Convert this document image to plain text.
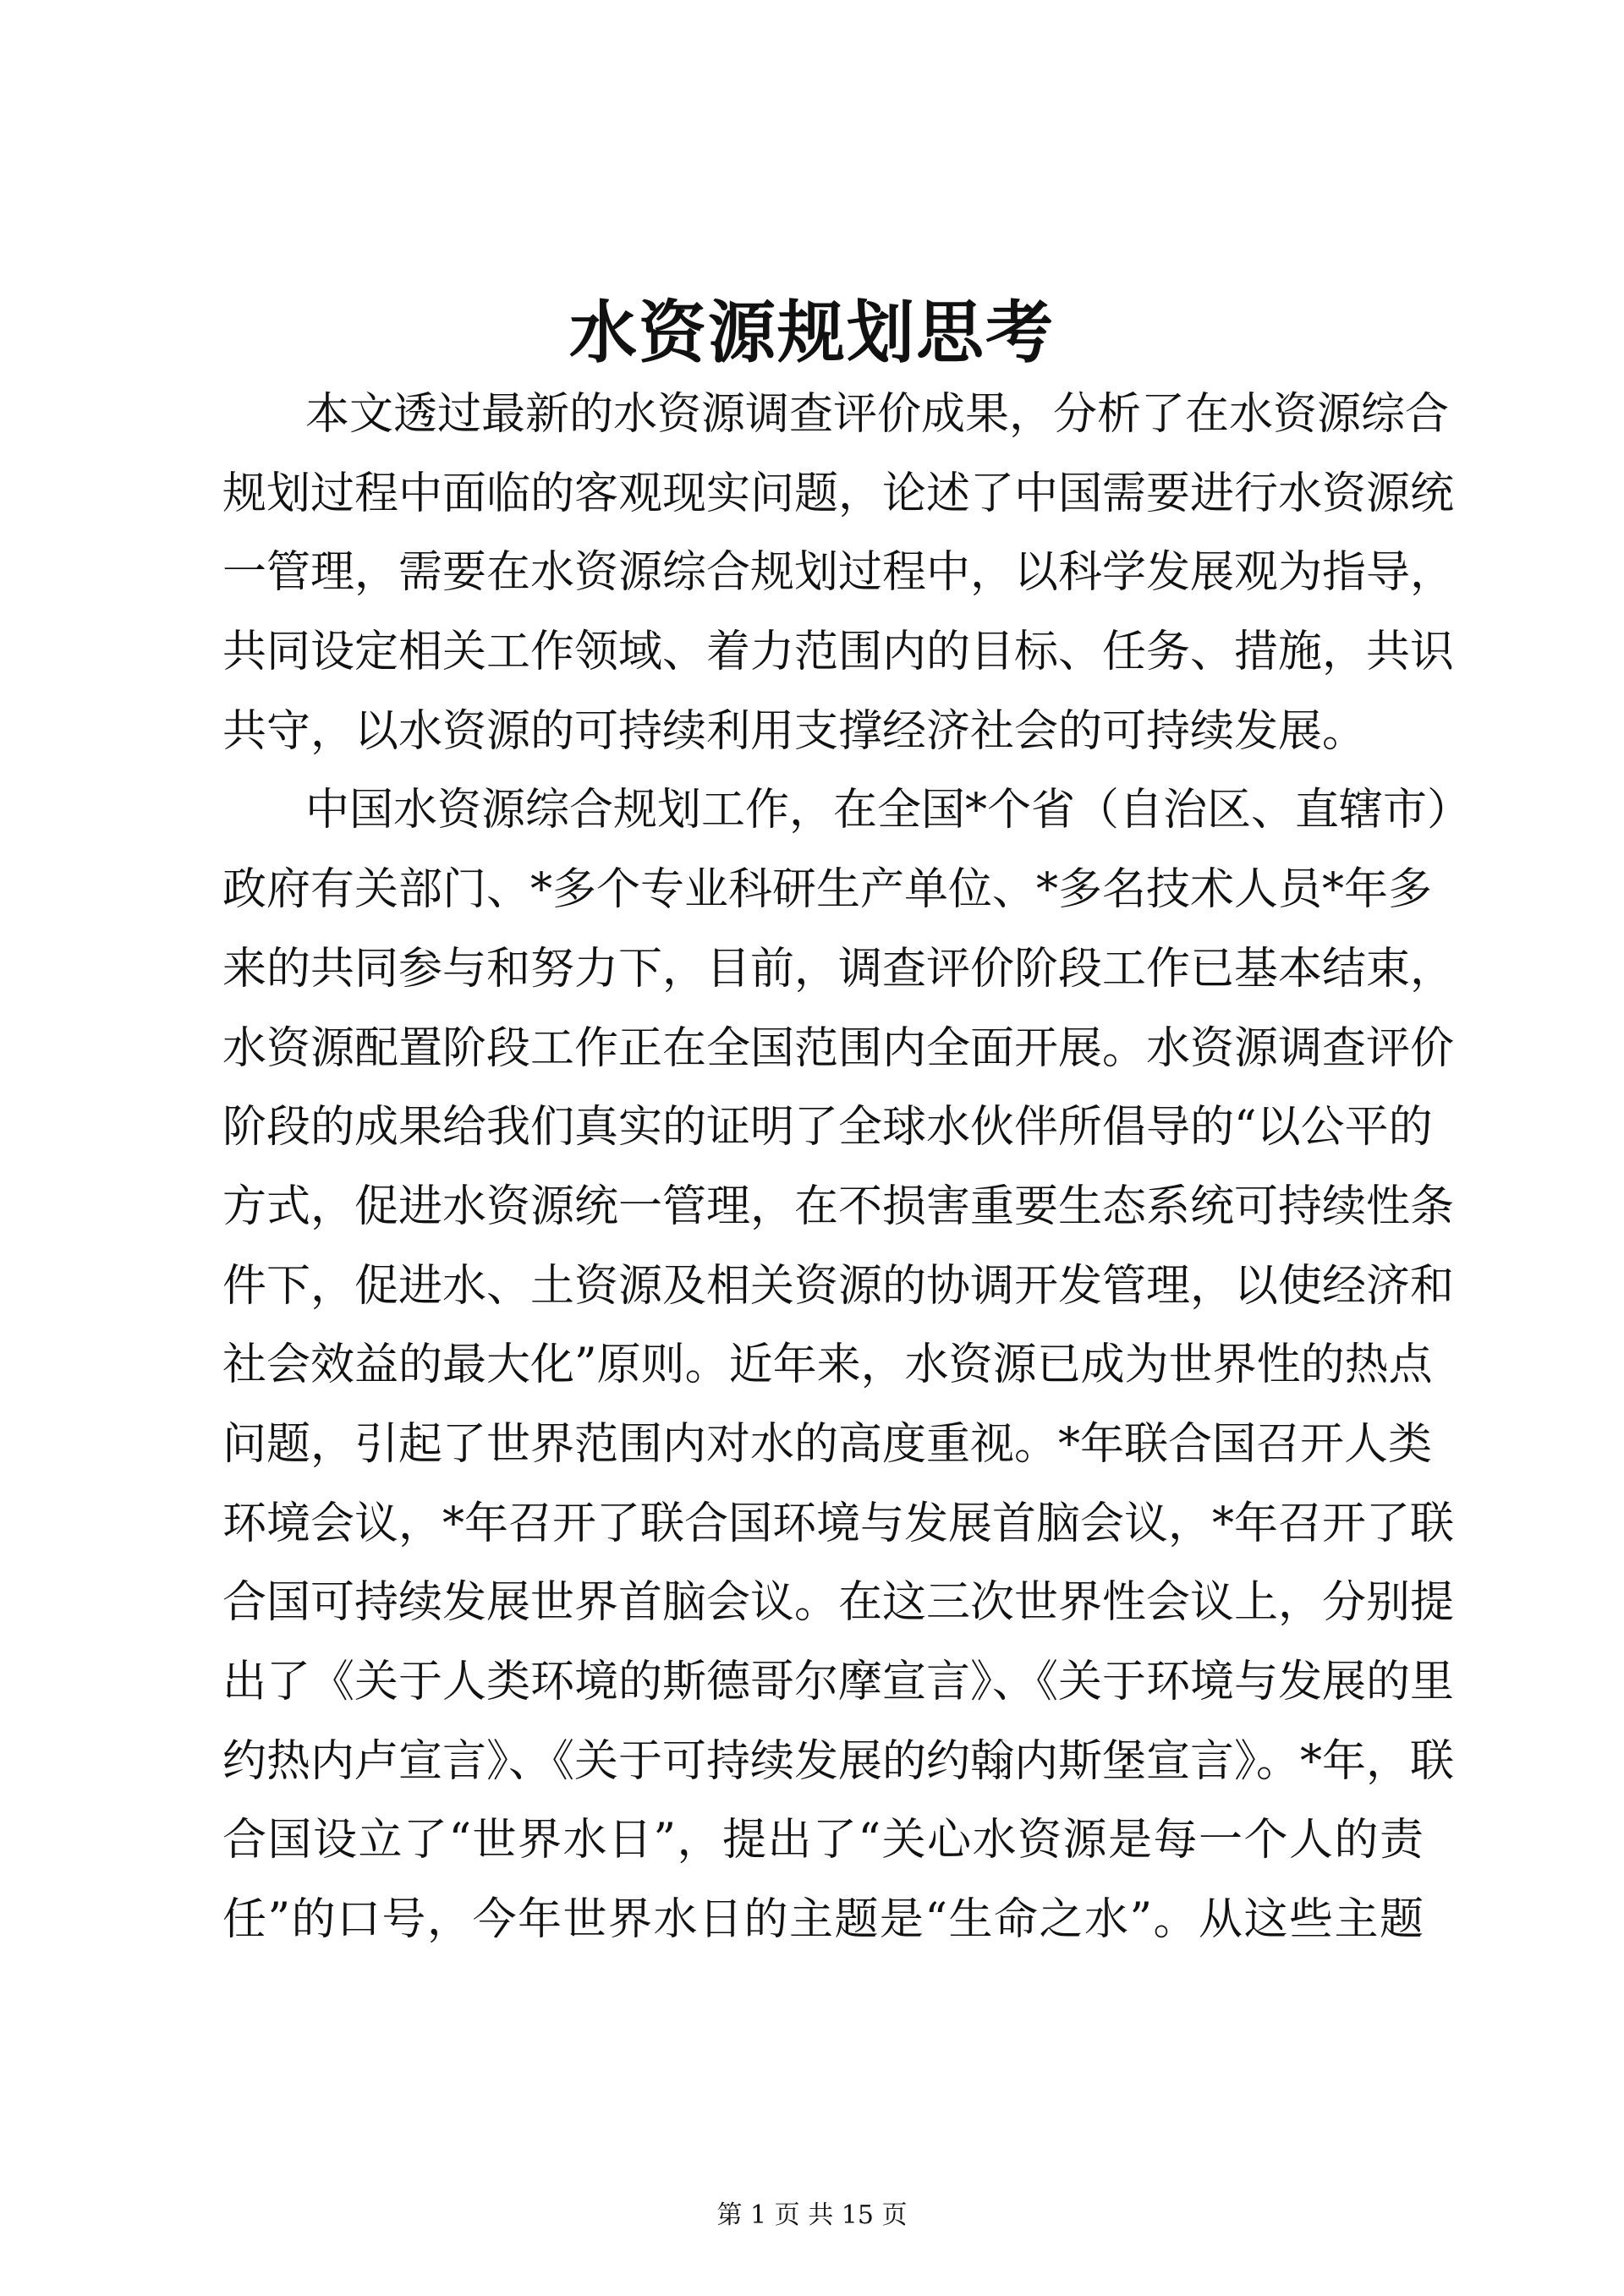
水资源规划思考
本文透过最新的水资源调查评价成果，分析了在水资源综合
规划过程中面临的客观现实问题，论述了中国需要进行水资源统
一管理，需要在水资源综合规划过程中，以科学发展观为指导，
共同设定相关工作领域、着力范围内的目标、任务、措施，共识
共守，以水资源的可持续利用支撑经济社会的可持续发展。
中国水资源综合规划工作，在全国*个省（自治区、直辖市）
政府有关部门、*多个专业科研生产单位、*多名技术人员*年多
来的共同参与和努力下，目前，调查评价阶段工作已基本结束，
水资源配置阶段工作正在全国范围内全面开展。水资源调查评价
阶段的成果给我们真实的证明了全球水伙伴所倡导的“以公平的
方式，促进水资源统一管理，在不损害重要生态系统可持续性条
件下，促进水、土资源及相关资源的协调开发管理，以使经济和
社会效益的最大化”原则。近年来，水资源已成为世界性的热点
问题，引起了世界范围内对水的高度重视。*年联合国召开人类
环境会议，*年召开了联合国环境与发展首脑会议，*年召开了联
合国可持续发展世界首脑会议。在这三次世界性会议上，分别提
出了《关于人类环境的斯德哥尔摩宣言》、《关于环境与发展的里
约热内卢宣言》、《关于可持续发展的约翰内斯堡宣言》。*年，联
合国设立了“世界水日”，提出了“关心水资源是每一个人的责
任”的口号，今年世界水日的主题是“生命之水”。从这些主题
第 1 页 共 15 页
